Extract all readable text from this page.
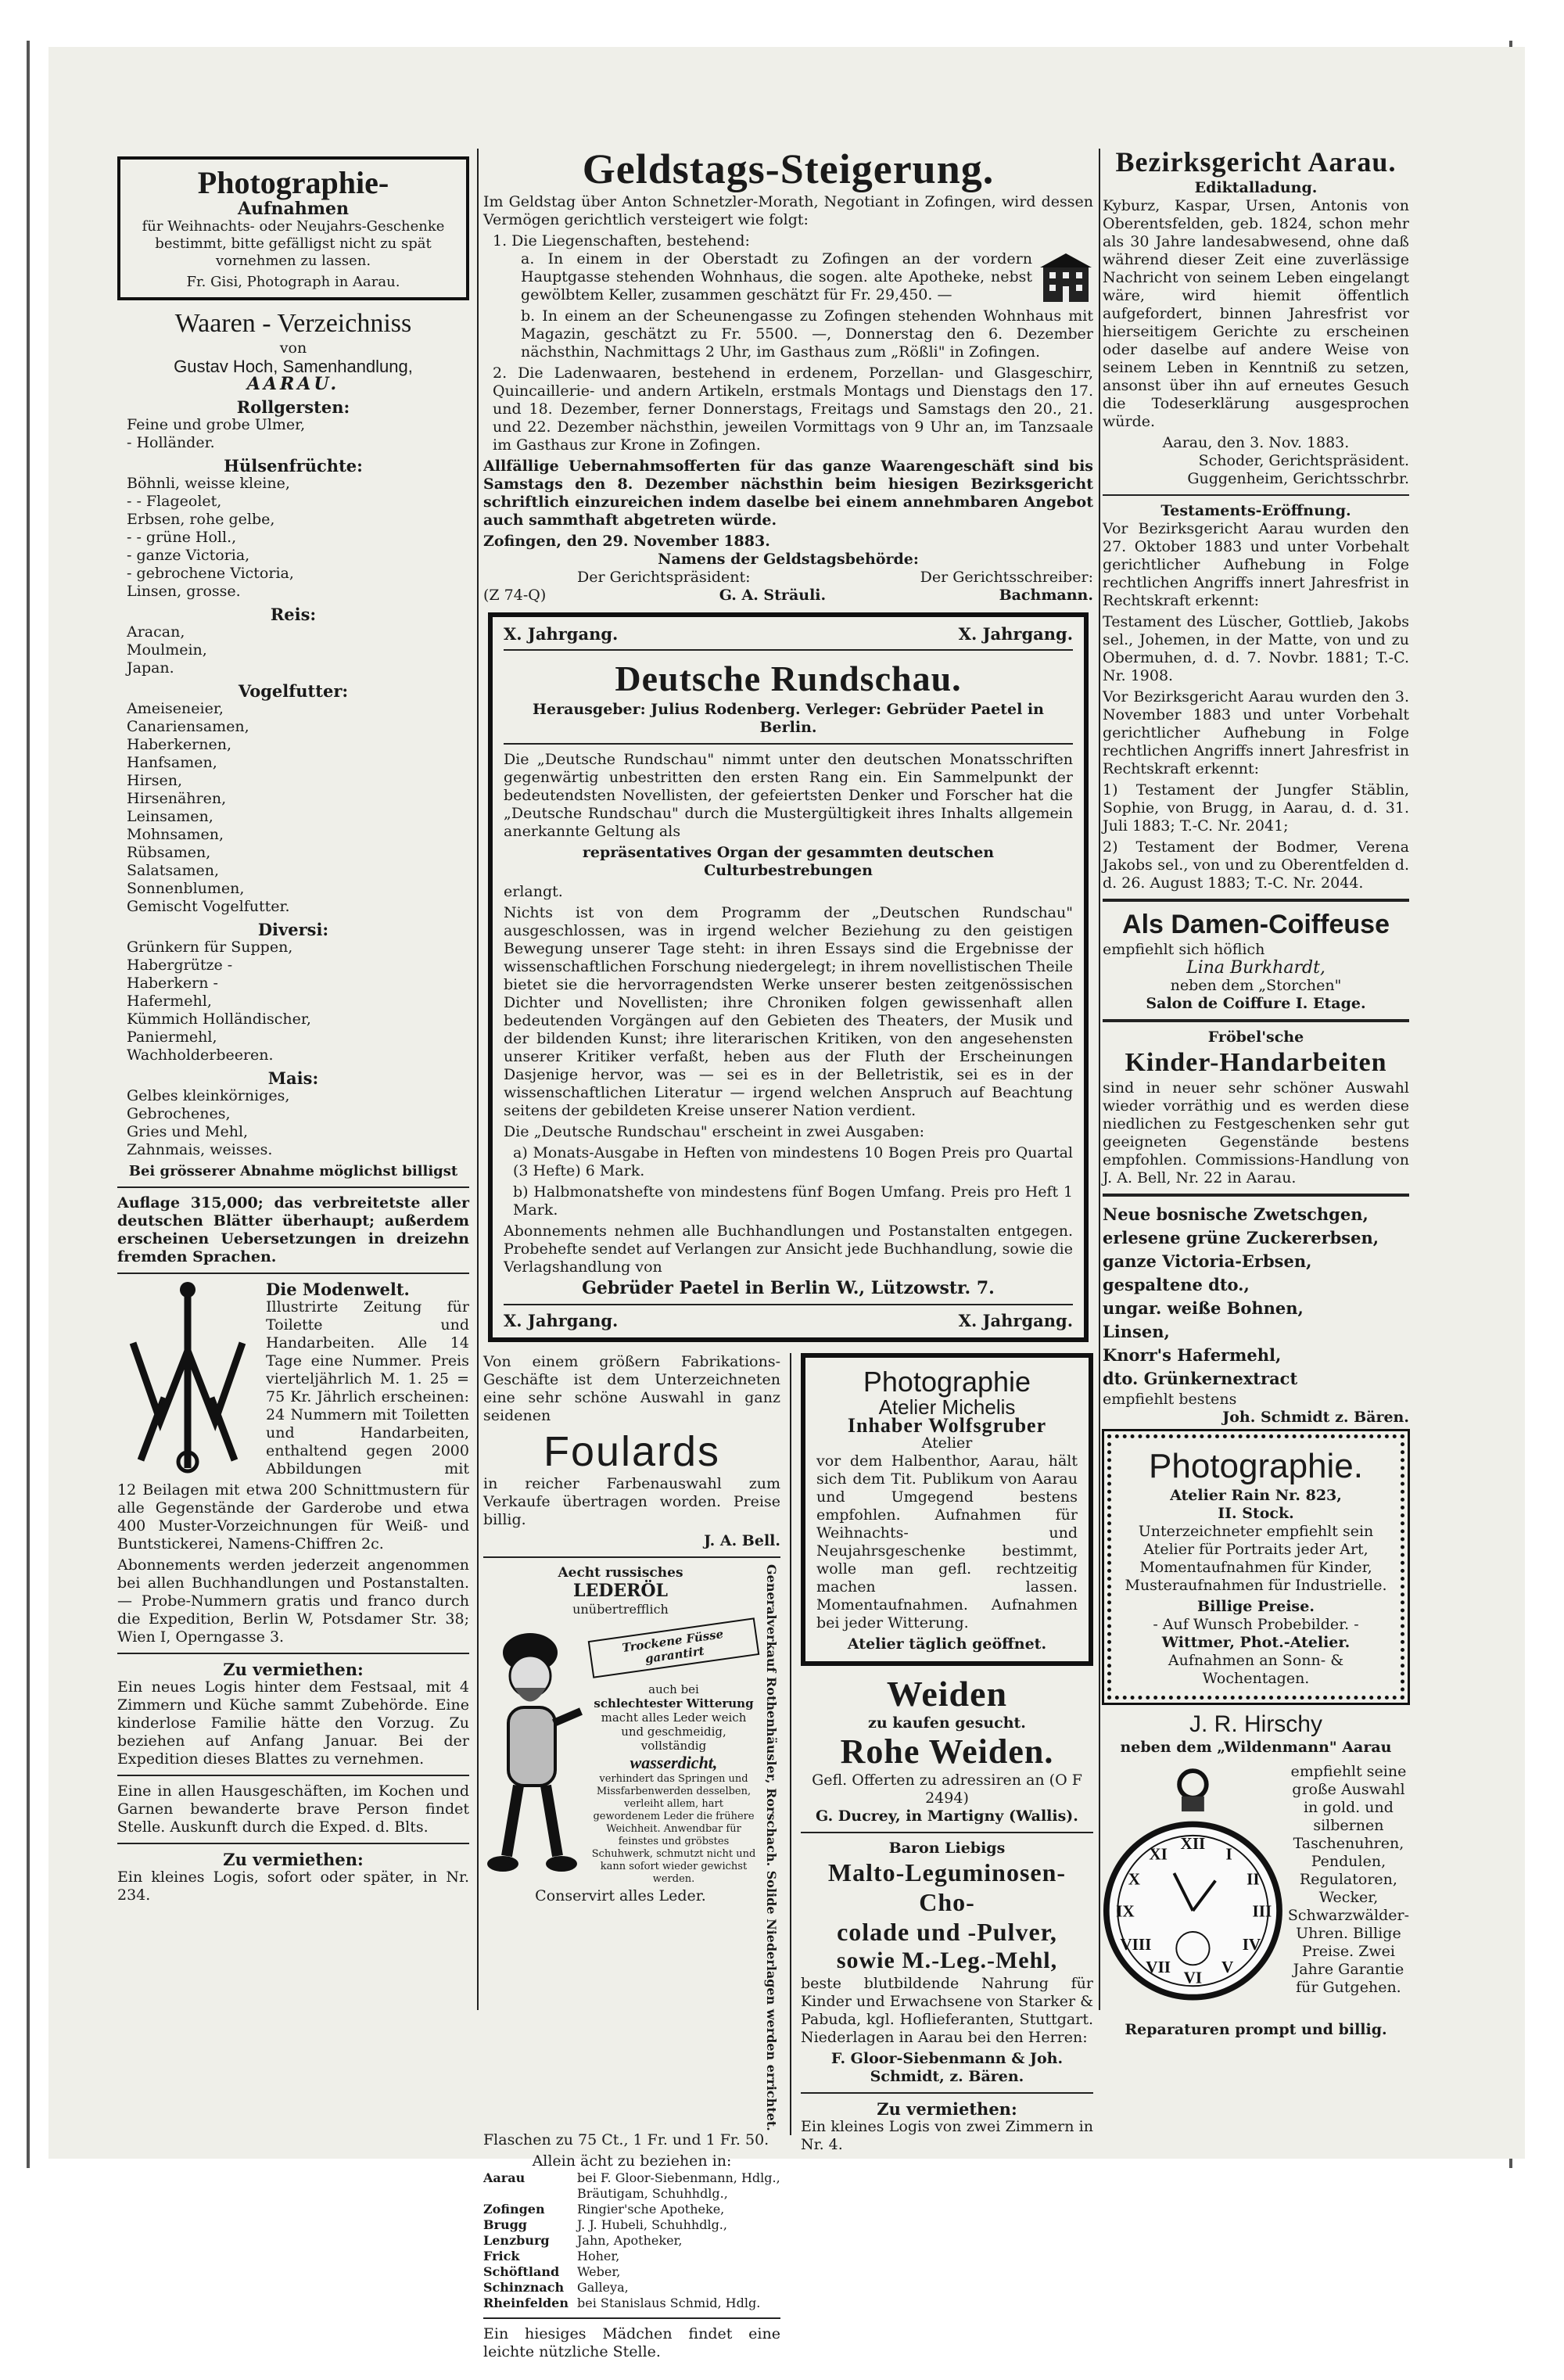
Photographie-
Aufnahmen
für Weihnachts- oder Neujahrs-Geschenke bestimmt, bitte gefälligst nicht zu spät vornehmen zu lassen.
Fr. Gisi, Photograph in Aarau.
Waaren - Verzeichniss
von
Gustav Hoch, Samenhandlung,
AARAU.
Rollgersten:
Feine und grobe Ulmer,
- Holländer.
Hülsenfrüchte:
Böhnli, weisse kleine,
- - Flageolet,
Erbsen, rohe gelbe,
- - grüne Holl.,
- ganze Victoria,
- gebrochene Victoria,
Linsen, grosse.
Reis:
Aracan,
Moulmein,
Japan.
Vogelfutter:
Ameiseneier,
Canariensamen,
Haberkernen,
Hanfsamen,
Hirsen,
Hirsenähren,
Leinsamen,
Mohnsamen,
Rübsamen,
Salatsamen,
Sonnenblumen,
Gemischt Vogelfutter.
Diversi:
Grünkern für Suppen,
Habergrütze -
Haberkern -
Hafermehl,
Kümmich Holländischer,
Paniermehl,
Wachholderbeeren.
Mais:
Gelbes kleinkörniges,
Gebrochenes,
Gries und Mehl,
Zahnmais, weisses.
Bei grösserer Abnahme möglichst billigst
Auflage 315,000; das verbreitetste aller deutschen Blätter überhaupt; außerdem erscheinen Uebersetzungen in dreizehn fremden Sprachen.
Die Modenwelt.
Illustrirte Zeitung für Toilette und Handarbeiten. Alle 14 Tage eine Nummer. Preis vierteljährlich M. 1. 25 = 75 Kr. Jährlich erscheinen: 24 Nummern mit Toiletten und Handarbeiten, enthaltend gegen 2000 Abbildungen mit
12 Beilagen mit etwa 200 Schnittmustern für alle Gegenstände der Garderobe und etwa 400 Muster-Vorzeichnungen für Weiß- und Buntstickerei, Namens-Chiffren 2c.
Abonnements werden jederzeit angenommen bei allen Buchhandlungen und Postanstalten. — Probe-Nummern gratis und franco durch die Expedition, Berlin W, Potsdamer Str. 38; Wien I, Operngasse 3.
Zu vermiethen:
Ein neues Logis hinter dem Festsaal, mit 4 Zimmern und Küche sammt Zubehörde. Eine kinderlose Familie hätte den Vorzug. Zu beziehen auf Anfang Januar. Bei der Expedition dieses Blattes zu vernehmen.
Eine in allen Hausgeschäften, im Kochen und Garnen bewanderte brave Person findet Stelle. Auskunft durch die Exped. d. Blts.
Zu vermiethen:
Ein kleines Logis, sofort oder später, in Nr. 234.
Geldstags-Steigerung.
Im Geldstag über Anton Schnetzler-Morath, Negotiant in Zofingen, wird dessen Vermögen gerichtlich versteigert wie folgt:
1. Die Liegenschaften, bestehend:
a. In einem in der Oberstadt zu Zofingen an der vordern Hauptgasse stehenden Wohnhaus, die sogen. alte Apotheke, nebst gewölbtem Keller, zusammen geschätzt für Fr. 29,450. —
b. In einem an der Scheunengasse zu Zofingen stehenden Wohnhaus mit Magazin, geschätzt zu Fr. 5500. —, Donnerstag den 6. Dezember nächsthin, Nachmittags 2 Uhr, im Gasthaus zum „Rößli" in Zofingen.
2. Die Ladenwaaren, bestehend in erdenem, Porzellan- und Glasgeschirr, Quincaillerie- und andern Artikeln, erstmals Montags und Dienstags den 17. und 18. Dezember, ferner Donnerstags, Freitags und Samstags den 20., 21. und 22. Dezember nächsthin, jeweilen Vormittags von 9 Uhr an, im Tanzsaale im Gasthaus zur Krone in Zofingen.
Allfällige Uebernahmsofferten für das ganze Waarengeschäft sind bis Samstags den 8. Dezember nächsthin beim hiesigen Bezirksgericht schriftlich einzureichen indem daselbe bei einem annehmbaren Angebot auch sammthaft abgetreten würde.
Zofingen, den 29. November 1883.
Namens der Geldstagsbehörde:
Der Gerichtspräsident:	Der Gerichtsschreiber:
(Z 74-Q)	G. A. Sträuli.	Bachmann.
X. Jahrgang.	X. Jahrgang.
Deutsche Rundschau.
Herausgeber: Julius Rodenberg. Verleger: Gebrüder Paetel in Berlin.
Die „Deutsche Rundschau" nimmt unter den deutschen Monatsschriften gegenwärtig unbestritten den ersten Rang ein. Ein Sammelpunkt der bedeutendsten Novellisten, der gefeiertsten Denker und Forscher hat die „Deutsche Rundschau" durch die Mustergültigkeit ihres Inhalts allgemein anerkannte Geltung als
repräsentatives Organ der gesammten deutschen Culturbestrebungen
erlangt.
Nichts ist von dem Programm der „Deutschen Rundschau" ausgeschlossen, was in irgend welcher Beziehung zu den geistigen Bewegung unserer Tage steht: in ihren Essays sind die Ergebnisse der wissenschaftlichen Forschung niedergelegt; in ihrem novellistischen Theile bietet sie die hervorragendsten Werke unserer besten zeitgenössischen Dichter und Novellisten; ihre Chroniken folgen gewissenhaft allen bedeutenden Vorgängen auf den Gebieten des Theaters, der Musik und der bildenden Kunst; ihre literarischen Kritiken, von den angesehensten unserer Kritiker verfaßt, heben aus der Fluth der Erscheinungen Dasjenige hervor, was — sei es in der Belletristik, sei es in der wissenschaftlichen Literatur — irgend welchen Anspruch auf Beachtung seitens der gebildeten Kreise unserer Nation verdient.
Die „Deutsche Rundschau" erscheint in zwei Ausgaben:
a) Monats-Ausgabe in Heften von mindestens 10 Bogen Preis pro Quartal (3 Hefte) 6 Mark.
b) Halbmonatshefte von mindestens fünf Bogen Umfang. Preis pro Heft 1 Mark.
Abonnements nehmen alle Buchhandlungen und Postanstalten entgegen. Probehefte sendet auf Verlangen zur Ansicht jede Buchhandlung, sowie die Verlagshandlung von
Gebrüder Paetel in Berlin W., Lützowstr. 7.
X. Jahrgang.	X. Jahrgang.
Von einem größern Fabrikations-Geschäfte ist dem Unterzeichneten eine sehr schöne Auswahl in ganz seidenen
Foulards
in reicher Farbenauswahl zum Verkaufe übertragen worden. Preise billig.
J. A. Bell.
Aecht russisches
LEDERÖL
unübertrefflich
Trockene Füsse garantirt
auch bei
schlechtester Witterung
macht alles Leder weich und geschmeidig, vollständig
wasserdicht,
verhindert das Springen und Missfarbenwerden desselben, verleiht allem, hart gewordenem Leder die frühere Weichheit. Anwendbar für feinstes und gröbstes Schuhwerk, schmutzt nicht und kann sofort wieder gewichst werden.
Conservirt alles Leder.	Generalverkauf Rothenhäusler, Rorschach. Solide Niederlagen werden errichtet.
Flaschen zu 75 Ct., 1 Fr. und 1 Fr. 50.
Allein ächt zu beziehen in:
Aarau	bei F. Gloor-Siebenmann, Hdlg.,
Bräutigam, Schuhhdlg.,
Zofingen	Ringier'sche Apotheke,
Brugg	J. J. Hubeli, Schuhhdlg.,
Lenzburg	Jahn, Apotheker,
Frick	Hoher,
Schöftland	Weber,
Schinznach	Galleya,
Rheinfelden bei Stanislaus Schmid, Hdlg.
Ein hiesiges Mädchen findet eine leichte nützliche Stelle.
Photographie
Atelier Michelis
Inhaber Wolfsgruber
Atelier
vor dem Halbenthor, Aarau, hält sich dem Tit. Publikum von Aarau und Umgegend bestens empfohlen. Aufnahmen für Weihnachts- und Neujahrsgeschenke bestimmt, wolle man gefl. rechtzeitig machen lassen. Momentaufnahmen. Aufnahmen bei jeder Witterung.
Atelier täglich geöffnet.
Weiden
zu kaufen gesucht.
Rohe Weiden.
Gefl. Offerten zu adressiren an (O F 2494)
G. Ducrey, in Martigny (Wallis).
Baron Liebigs
Malto-Leguminosen-Cho-
colade und -Pulver,
sowie M.-Leg.-Mehl,
beste blutbildende Nahrung für Kinder und Erwachsene von Starker & Pabuda, kgl. Hoflieferanten, Stuttgart. Niederlagen in Aarau bei den Herren:
F. Gloor-Siebenmann & Joh. Schmidt, z. Bären.
Zu vermiethen:
Ein kleines Logis von zwei Zimmern in Nr. 4.
Bezirksgericht Aarau.
Ediktalladung.
Kyburz, Kaspar, Ursen, Antonis von Oberentsfelden, geb. 1824, schon mehr als 30 Jahre landesabwesend, ohne daß während dieser Zeit eine zuverlässige Nachricht von seinem Leben eingelangt wäre, wird hiemit öffentlich aufgefordert, binnen Jahresfrist vor hierseitigem Gerichte zu erscheinen oder daselbe auf andere Weise von seinem Leben in Kenntniß zu setzen, ansonst über ihn auf erneutes Gesuch die Todeserklärung ausgesprochen würde.
Aarau, den 3. Nov. 1883.
Schoder, Gerichtspräsident.
Guggenheim, Gerichtsschrbr.
Testaments-Eröffnung.
Vor Bezirksgericht Aarau wurden den 27. Oktober 1883 und unter Vorbehalt gerichtlicher Aufhebung in Folge rechtlichen Angriffs innert Jahresfrist in Rechtskraft erkennt:
Testament des Lüscher, Gottlieb, Jakobs sel., Johemen, in der Matte, von und zu Obermuhen, d. d. 7. Novbr. 1881; T.-C. Nr. 1908.
Vor Bezirksgericht Aarau wurden den 3. November 1883 und unter Vorbehalt gerichtlicher Aufhebung in Folge rechtlichen Angriffs innert Jahresfrist in Rechtskraft erkennt:
1) Testament der Jungfer Stäblin, Sophie, von Brugg, in Aarau, d. d. 31. Juli 1883; T.-C. Nr. 2041;
2) Testament der Bodmer, Verena Jakobs sel., von und zu Oberentfelden d. d. 26. August 1883; T.-C. Nr. 2044.
Als Damen-Coiffeuse
empfiehlt sich höflich
Lina Burkhardt,
neben dem „Storchen"
Salon de Coiffure I. Etage.
Fröbel'sche
Kinder-Handarbeiten
sind in neuer sehr schöner Auswahl wieder vorräthig und es werden diese niedlichen zu Festgeschenken sehr gut geeigneten Gegenstände bestens empfohlen. Commissions-Handlung von J. A. Bell, Nr. 22 in Aarau.
Neue bosnische Zwetschgen,
erlesene grüne Zuckererbsen,
ganze Victoria-Erbsen,
gespaltene dto.,
ungar. weiße Bohnen,
Linsen,
Knorr's Hafermehl,
dto. Grünkernextract
empfiehlt bestens
Joh. Schmidt z. Bären.
Photographie.
Atelier Rain Nr. 823,
II. Stock.
Unterzeichneter empfiehlt sein Atelier für Portraits jeder Art, Momentaufnahmen für Kinder, Musteraufnahmen für Industrielle.
Billige Preise.
- Auf Wunsch Probebilder. -
Wittmer, Phot.-Atelier.
Aufnahmen an Sonn- & Wochentagen.
J. R. Hirschy
neben dem „Wildenmann" Aarau
XII
I
II
III
IV
V
VI
VII
VIII
IX
X
XI
empfiehlt seine große Auswahl in gold. und silbernen Taschenuhren, Pendulen, Regulatoren, Wecker, Schwarzwälder-Uhren. Billige Preise. Zwei Jahre Garantie für Gutgehen.
Reparaturen prompt und billig.
